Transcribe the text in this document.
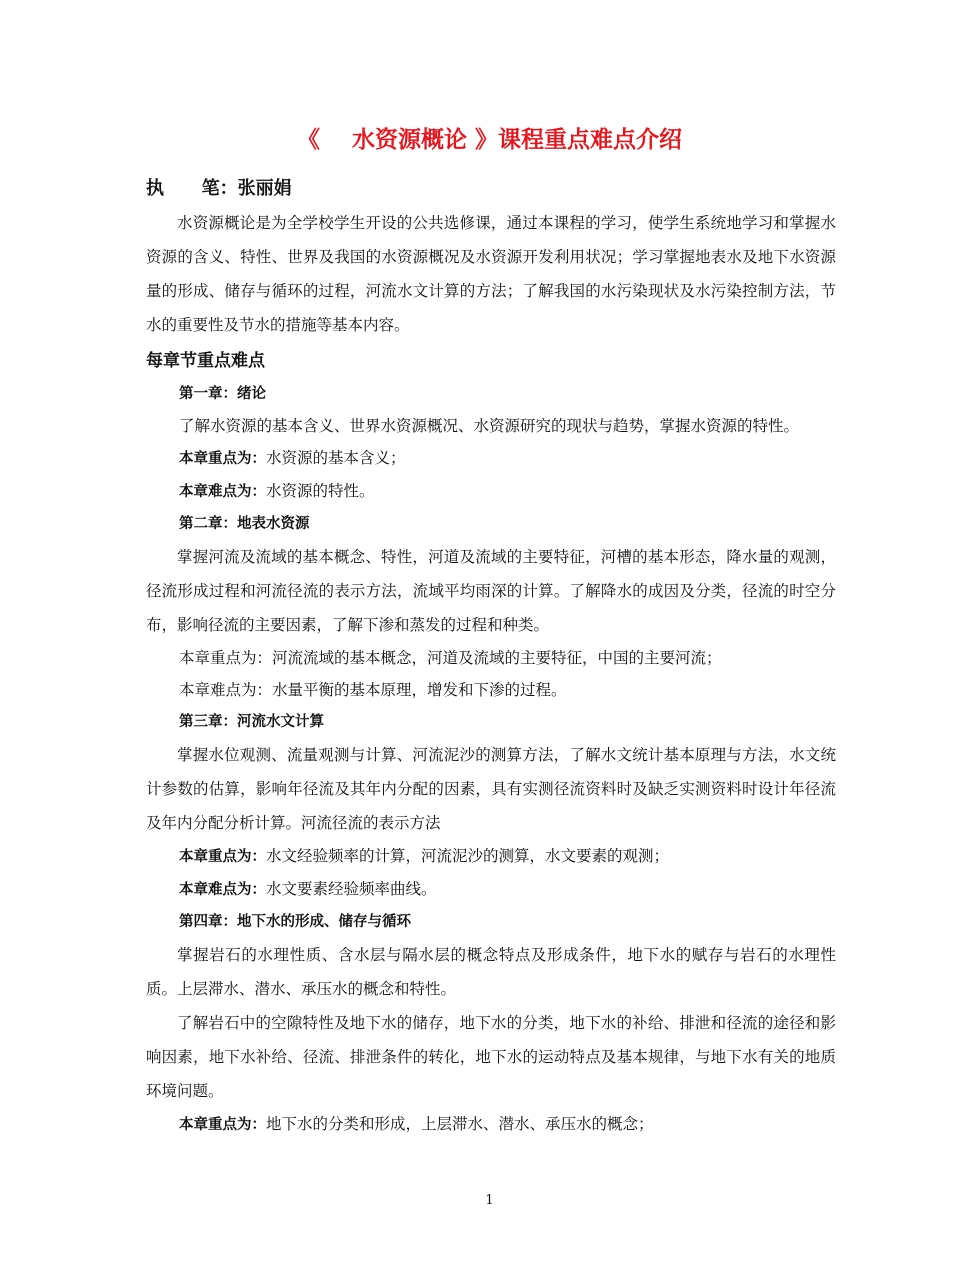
《    水资源概论 》课程重点难点介绍
执      笔：张丽娟

水资源概论是为全学校学生开设的公共选修课，通过本课程的学习，使学生系统地学习和掌握水资源的含义、特性、世界及我国的水资源概况及水资源开发利用状况；学习掌握地表水及地下水资源量的形成、储存与循环的过程，河流水文计算的方法；了解我国的水污染现状及水污染控制方法，节水的重要性及节水的措施等基本内容。

每章节重点难点
第一章：绪论

了解水资源的基本含义、世界水资源概况、水资源研究的现状与趋势，掌握水资源的特性。

本章重点为：水资源的基本含义；

本章难点为：水资源的特性。

第二章：地表水资源

掌握河流及流域的基本概念、特性，河道及流域的主要特征，河槽的基本形态，降水量的观测，径流形成过程和河流径流的表示方法，流域平均雨深的计算。了解降水的成因及分类，径流的时空分布，影响径流的主要因素，了解下渗和蒸发的过程和种类。

本章重点为：河流流域的基本概念，河道及流域的主要特征，中国的主要河流；

本章难点为：水量平衡的基本原理，增发和下渗的过程。

第三章：河流水文计算

掌握水位观测、流量观测与计算、河流泥沙的测算方法，了解水文统计基本原理与方法，水文统计参数的估算，影响年径流及其年内分配的因素，具有实测径流资料时及缺乏实测资料时设计年径流及年内分配分析计算。河流径流的表示方法

本章重点为：水文经验频率的计算，河流泥沙的测算，水文要素的观测；

本章难点为：水文要素经验频率曲线。

第四章：地下水的形成、储存与循环

掌握岩石的水理性质、含水层与隔水层的概念特点及形成条件，地下水的赋存与岩石的水理性质。上层滞水、潜水、承压水的概念和特性。

了解岩石中的空隙特性及地下水的储存，地下水的分类，地下水的补给、排泄和径流的途径和影响因素，地下水补给、径流、排泄条件的转化，地下水的运动特点及基本规律，与地下水有关的地质环境问题。

本章重点为：地下水的分类和形成，上层滞水、潜水、承压水的概念；

1
